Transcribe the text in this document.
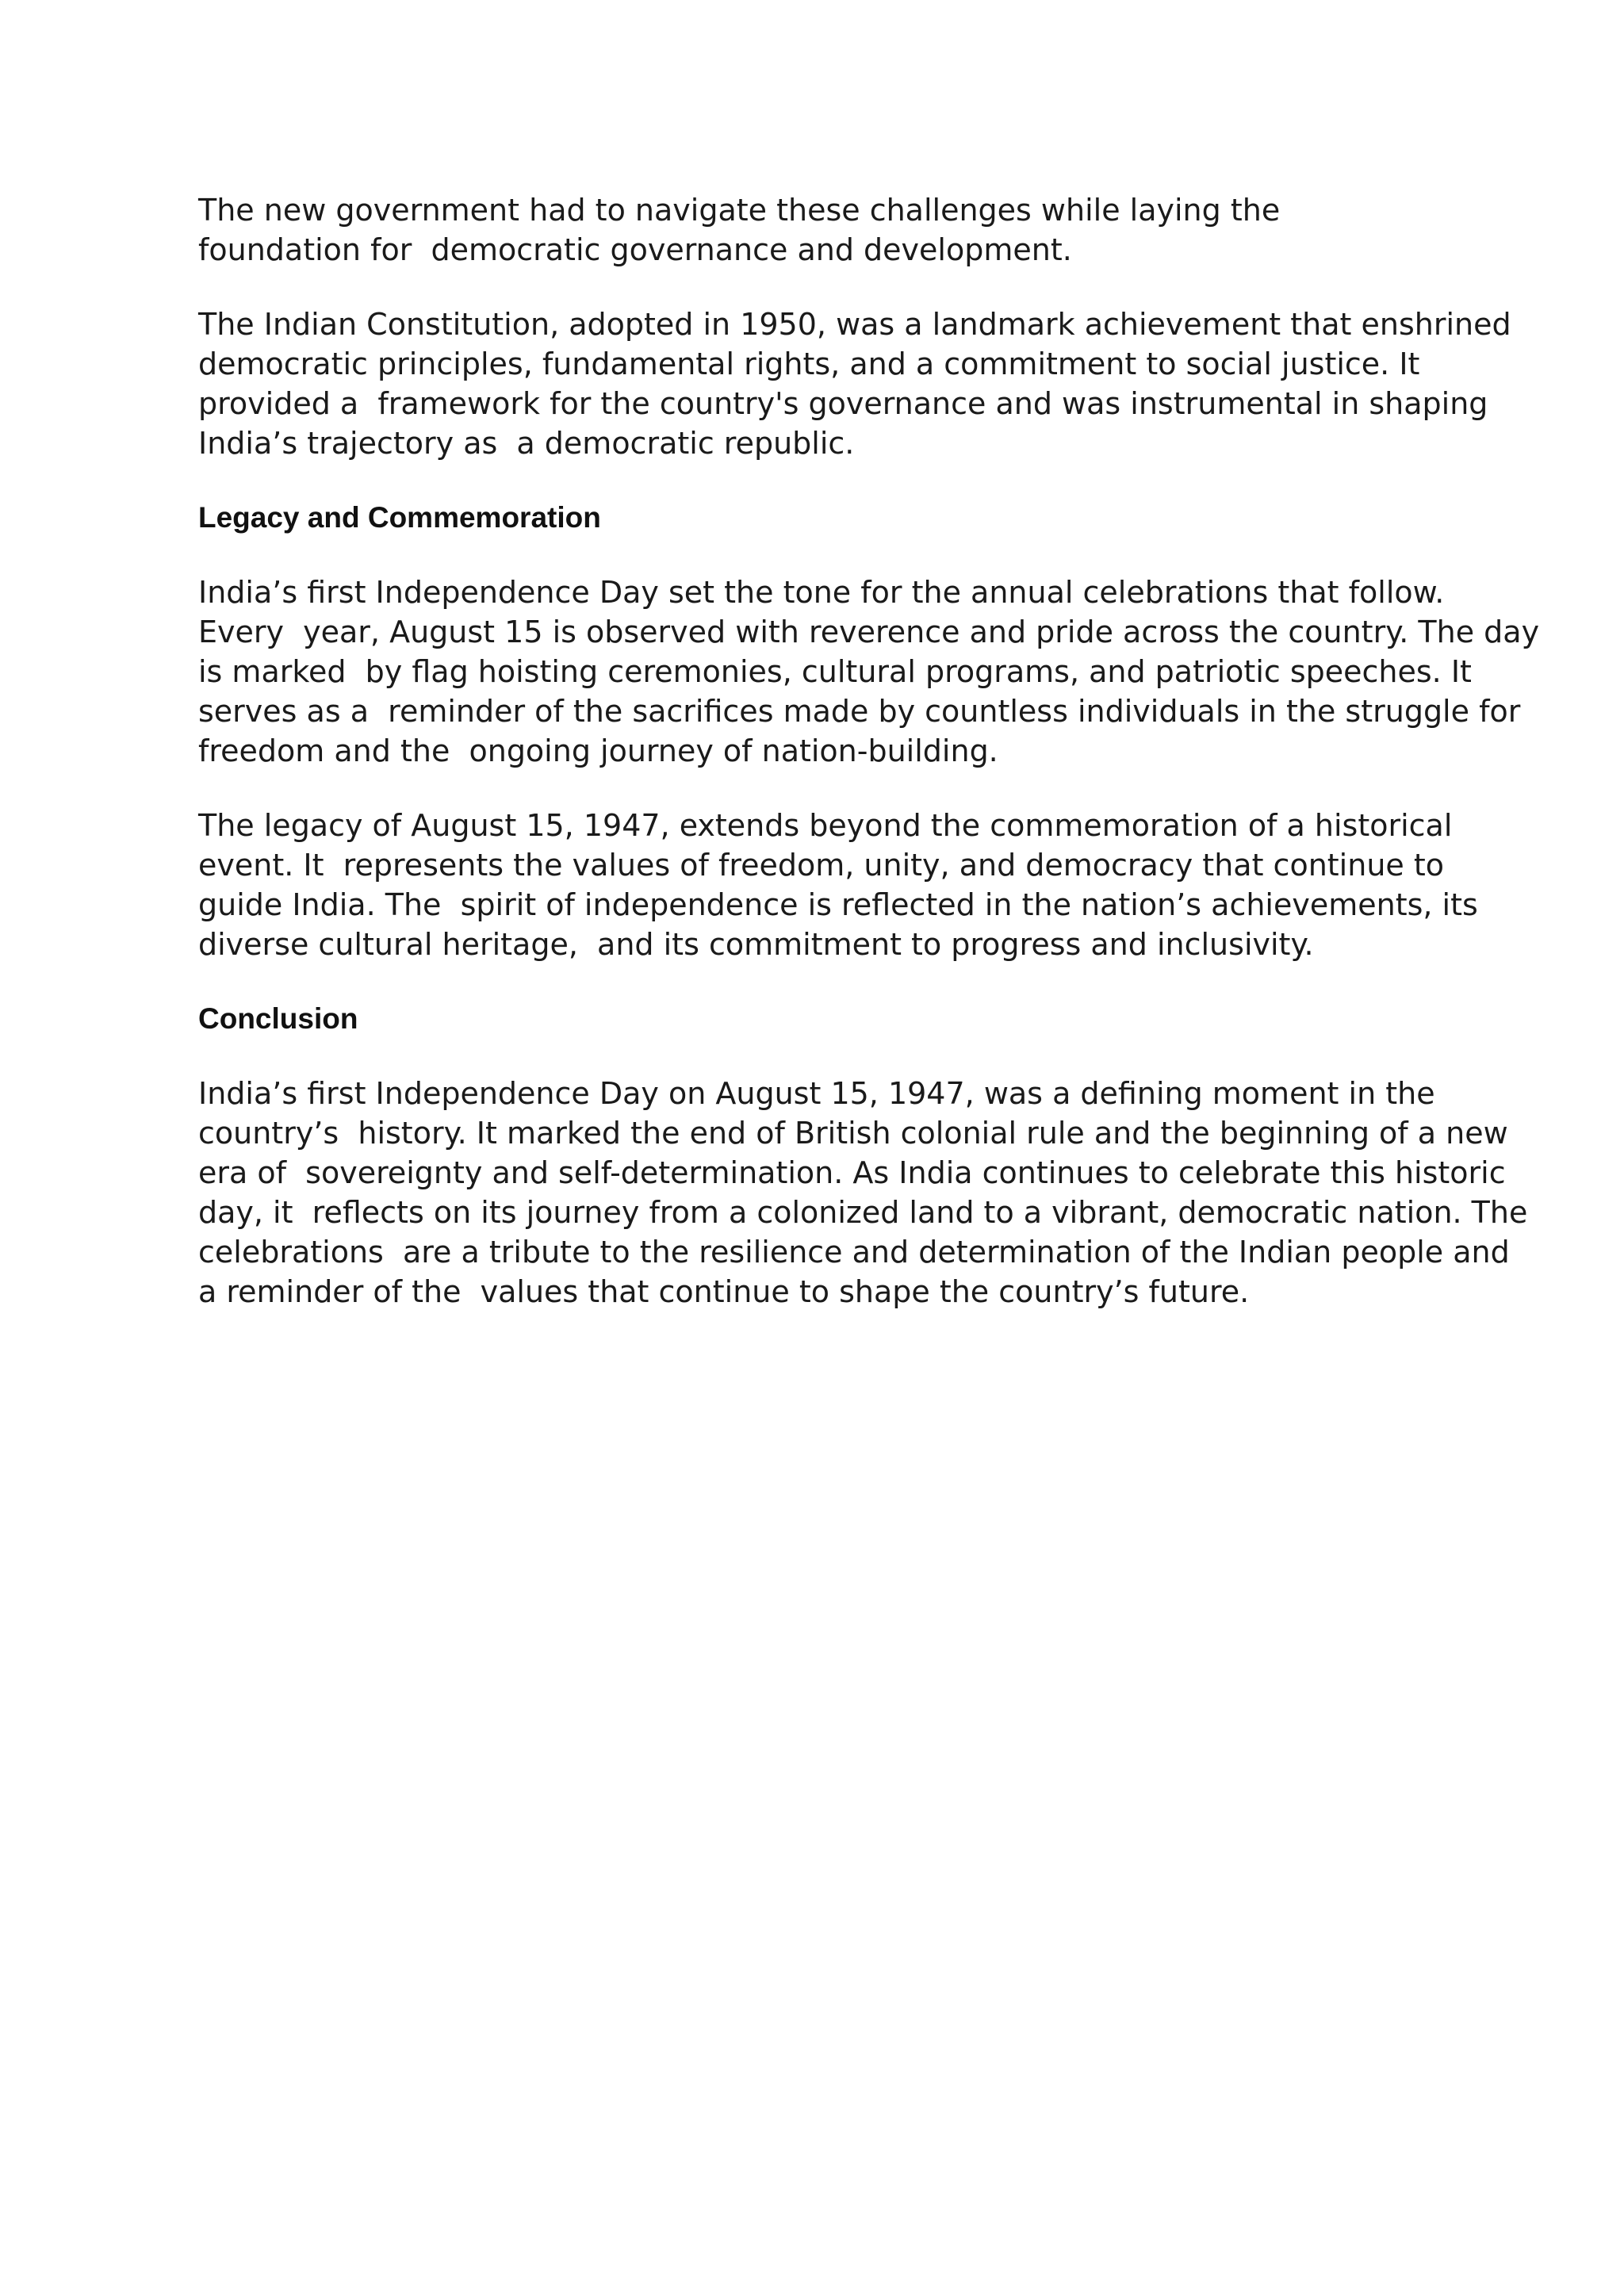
The new government had to navigate these challenges while laying the
foundation for  democratic governance and development.

The Indian Constitution, adopted in 1950, was a landmark achievement that enshrined
democratic principles, fundamental rights, and a commitment to social justice. It
provided a  framework for the country's governance and was instrumental in shaping
India’s trajectory as  a democratic republic.

Legacy and Commemoration

India’s first Independence Day set the tone for the annual celebrations that follow.
Every  year, August 15 is observed with reverence and pride across the country. The day
is marked  by flag hoisting ceremonies, cultural programs, and patriotic speeches. It
serves as a  reminder of the sacrifices made by countless individuals in the struggle for
freedom and the  ongoing journey of nation-building.

The legacy of August 15, 1947, extends beyond the commemoration of a historical
event. It  represents the values of freedom, unity, and democracy that continue to
guide India. The  spirit of independence is reflected in the nation’s achievements, its
diverse cultural heritage,  and its commitment to progress and inclusivity.

Conclusion

India’s first Independence Day on August 15, 1947, was a defining moment in the
country’s  history. It marked the end of British colonial rule and the beginning of a new
era of  sovereignty and self-determination. As India continues to celebrate this historic
day, it  reflects on its journey from a colonized land to a vibrant, democratic nation. The
celebrations  are a tribute to the resilience and determination of the Indian people and
a reminder of the  values that continue to shape the country’s future.
